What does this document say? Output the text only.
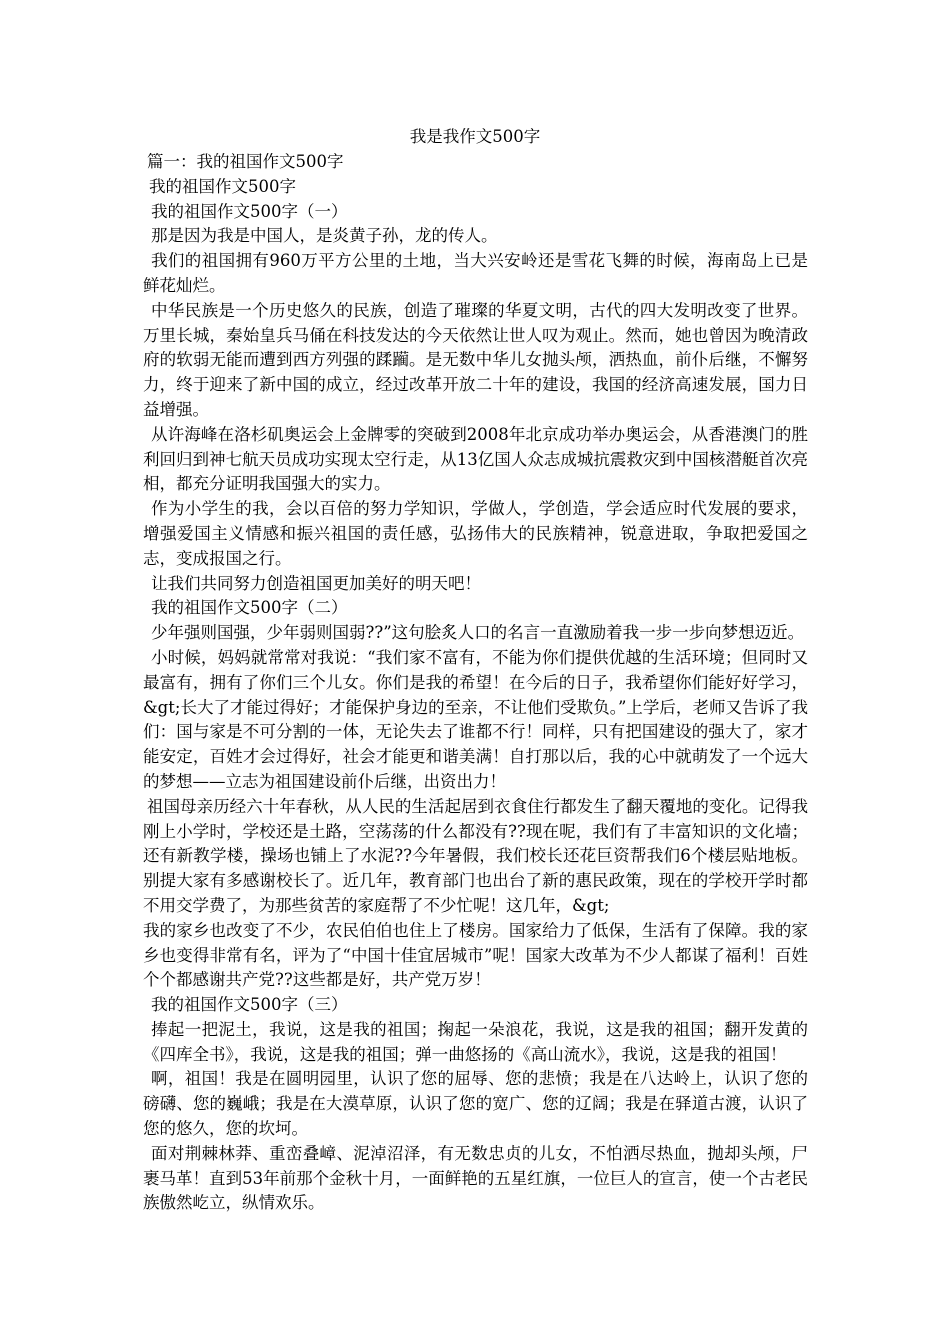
我是我作文500字

篇一：我的祖国作文500字

我的祖国作文500字

我的祖国作文500字（一）

那是因为我是中国人，是炎黄子孙，龙的传人。

我们的祖国拥有960万平方公里的土地，当大兴安岭还是雪花飞舞的时候，海南岛上已是鲜花灿烂。

中华民族是一个历史悠久的民族，创造了璀璨的华夏文明，古代的四大发明改变了世界。万里长城，秦始皇兵马俑在科技发达的今天依然让世人叹为观止。然而，她也曾因为晚清政府的软弱无能而遭到西方列强的蹂躏。是无数中华儿女抛头颅，洒热血，前仆后继，不懈努力，终于迎来了新中国的成立，经过改革开放二十年的建设，我国的经济高速发展，国力日益增强。

从许海峰在洛杉矶奥运会上金牌零的突破到2008年北京成功举办奥运会，从香港澳门的胜利回归到神七航天员成功实现太空行走，从13亿国人众志成城抗震救灾到中国核潜艇首次亮相，都充分证明我国强大的实力。

作为小学生的我，会以百倍的努力学知识，学做人，学创造，学会适应时代发展的要求，增强爱国主义情感和振兴祖国的责任感，弘扬伟大的民族精神，锐意进取，争取把爱国之志，变成报国之行。

让我们共同努力创造祖国更加美好的明天吧！

我的祖国作文500字（二）

少年强则国强，少年弱则国弱??”这句脍炙人口的名言一直激励着我一步一步向梦想迈近。

小时候，妈妈就常常对我说：“我们家不富有，不能为你们提供优越的生活环境；但同时又最富有，拥有了你们三个儿女。你们是我的希望！在今后的日子，我希望你们能好好学习，&gt;长大了才能过得好；才能保护身边的至亲，不让他们受欺负。”上学后，老师又告诉了我们：国与家是不可分割的一体，无论失去了谁都不行！同样，只有把国建设的强大了，家才能安定，百姓才会过得好，社会才能更和谐美满！自打那以后，我的心中就萌发了一个远大的梦想——立志为祖国建设前仆后继，出资出力！

祖国母亲历经六十年春秋，从人民的生活起居到衣食住行都发生了翻天覆地的变化。记得我刚上小学时，学校还是土路，空荡荡的什么都没有??现在呢，我们有了丰富知识的文化墙；还有新教学楼，操场也铺上了水泥??今年暑假，我们校长还花巨资帮我们6个楼层贴地板。别提大家有多感谢校长了。近几年，教育部门也出台了新的惠民政策，现在的学校开学时都不用交学费了，为那些贫苦的家庭帮了不少忙呢！这几年，&gt;

我的家乡也改变了不少，农民伯伯也住上了楼房。国家给力了低保，生活有了保障。我的家乡也变得非常有名，评为了“中国十佳宜居城市”呢！国家大改革为不少人都谋了福利！百姓个个都感谢共产党??这些都是好，共产党万岁！

我的祖国作文500字（三）

捧起一把泥土，我说，这是我的祖国；掬起一朵浪花，我说，这是我的祖国；翻开发黄的《四库全书》，我说，这是我的祖国；弹一曲悠扬的《高山流水》，我说，这是我的祖国！

啊，祖国！我是在圆明园里，认识了您的屈辱、您的悲愤；我是在八达岭上，认识了您的磅礴、您的巍峨；我是在大漠草原，认识了您的宽广、您的辽阔；我是在驿道古渡，认识了您的悠久，您的坎坷。

面对荆棘林莽、重峦叠嶂、泥淖沼泽，有无数忠贞的儿女，不怕洒尽热血，抛却头颅，尸裹马革！直到53年前那个金秋十月，一面鲜艳的五星红旗，一位巨人的宣言，使一个古老民族傲然屹立，纵情欢乐。
